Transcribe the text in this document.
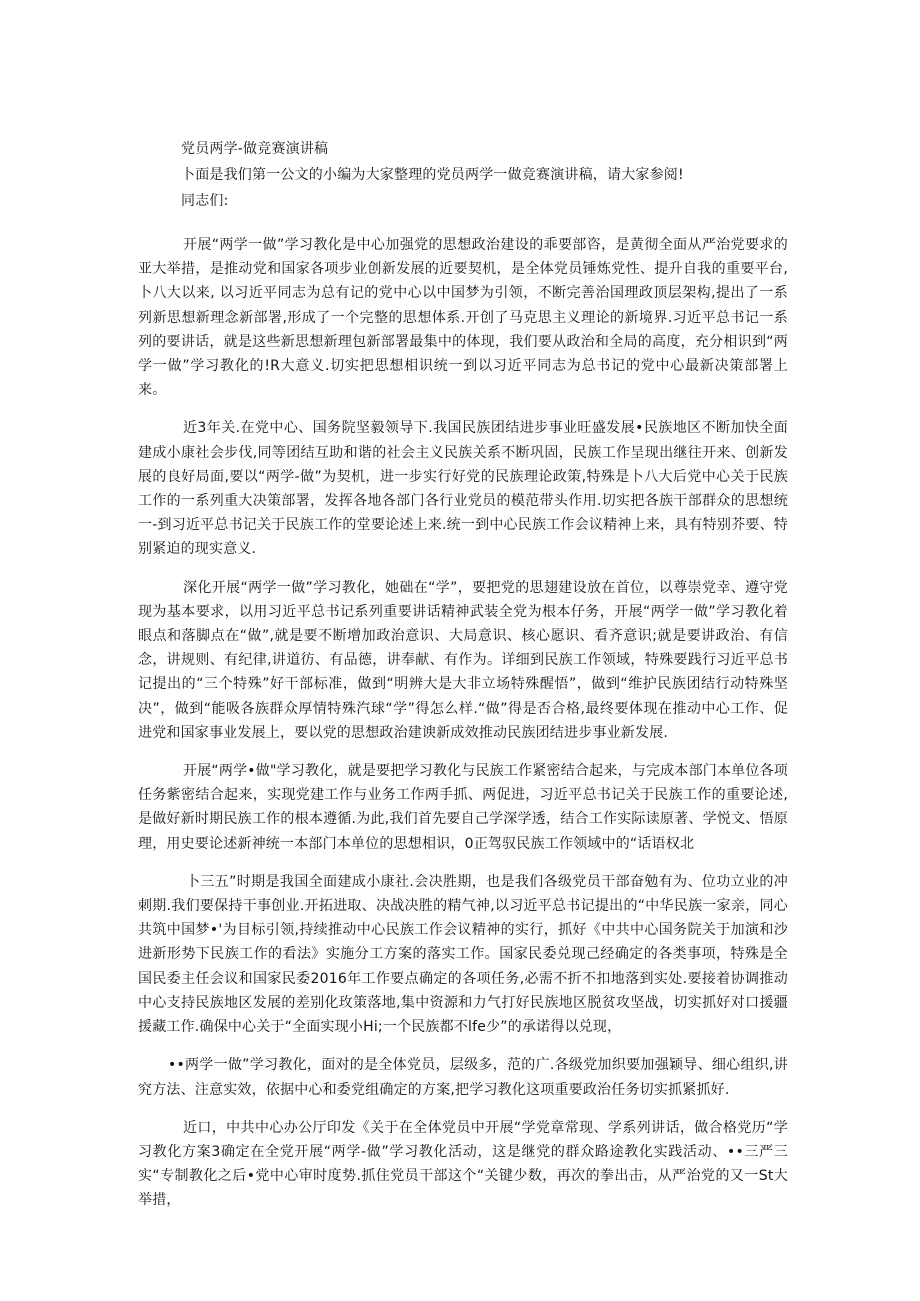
党员两学-做竞赛演讲稿
卜面是我们第一公文的小编为大家整理的党员两学一做竞赛演讲稿，请大家参阅!
同志们:

开展“两学一做”学习教化是中心加强党的思想政治建设的乖要部咨，是黄彻全面从严治党要求的亚大举措，是推动党和国家各项步业创新发展的近要契机，是全体党员锤炼党性、提升自我的重要平台,卜八大以来, 以习近平同志为总有记的党中心以中国梦为引领，不断完善治国理政顶层架构,提出了一系列新思想新理念新部署,形成了一个完整的思想体系.开创了马克思主义理论的新境界.习近平总书记一系列的要讲话，就是这些新思想新理包新部署最集中的体现，我们要从政治和全局的高度，充分相识到“两学一做”学习教化的!R大意义.切实把思想相识统一到以习近平同志为总书记的党中心最新决策部署上来。

近3年关.在党中心、国务院坚毅领导下.我国民族团结进步事业旺盛发展•民族地区不断加快全面建成小康社会步伐,同等团结互助和谐的社会主义民族关系不断巩固，民族工作呈现出继往开来、创新发展的良好局面,要以“两学-做”为契机，进一步实行好党的民族理论政策,特殊是卜八大后党中心关于民族工作的一系列重大决策部署，发挥各地各部门各行业党员的模范带头作用.切实把各族干部群众的思想统一-到习近平总书记关于民族工作的堂要论述上来.统一到中心民族工作会议精神上来，具有特别芥要、特别紧迫的现实意义.

深化开展“两学一做”学习教化，她础在“学”，要把党的思翅建设放在首位，以尊崇党幸、遵守党现为基本要求，以用习近平总书记系列重要讲话精神武装全党为根本仔务，开展“两学一做”学习教化着眼点和落脚点在“做”,就是要不断增加政治意识、大局意识、核心愿识、看齐意识;就是要讲政治、有信念，讲规则、有纪律,讲道彷、有品德，讲奉献、有作为。详细到民族工作领域，特殊要践行习近平总书记提出的“三个特殊”好干部标准，做到“明辨大是大非立场特殊醒悟”，做到“维护民族团结行动特殊坚决”，做到“能吸各族群众厚情特殊汽球“学”得怎么样.“做”得是否合格,最终要体现在推动中心工作、促进党和国家事业发展上，要以党的思想政治建谀新成效推动民族团结进步事业新发展.

开展“两学•做"学习教化，就是要把学习教化与民族工作紧密结合起来，与完成本部门本单位各项任务紫密结合起来，实现党建工作与业务工作两手抓、两促进，习近平总书记关于民族工作的重要论述,是做好新时期民族工作的根本遵循.为此,我们首先要自己学深学透，结合工作实际读原著、学悦文、悟原理，用史要论述新神统一本部门本单位的思想相识，0正驾驭民族工作领域中的“话语权北

卜三五”时期是我国全面建成小康社.会决胜期，也是我们各级党员干部奋勉有为、位功立业的冲刺期.我们要保持干事创业.开拓进取、决战决胜的精气神,以习近平总书记提出的“中华民族一家亲，同心共筑中国梦•'为目标引领,持续推动中心民族工作会议精神的实行，抓好《中共中心国务院关于加演和沙进新形势下民族工作的看法》实施分工方案的落实工作。国家民委兑现己经确定的各类事项，特殊是全国民委主任会议和国家民委2016年工作要点确定的各项任务,必需不折不扣地落到实处.要接着协调推动中心支持民族地区发展的差别化玫策落地,集中资源和力气打好民族地区脱贫攻坚战，切实抓好对口援疆援藏工作.确保中心关于“全面实现小Hi;一个民族都不lfe少”的承诺得以兑现，

••两学一做”学习教化，面对的是全体党员，层级多，范的广.各级党加织要加强颖导、细心组织,讲究方法、注意实效，依据中心和委党组确定的方案,把学习教化这项重要政治任务切实抓紧抓好.

近口，中共中心办公厅印发《关于在全体党员中开展“学党章常现、学系列讲话，做合格党历“学习教化方案3确定在全党开展“两学-做”学习教化活动，这是继党的群众路途教化实践活动、••三严三实“专制教化之后•党中心审时度势.抓住党员干部这个“关键少数，再次的拳出击，从严治党的又一St大举措，
